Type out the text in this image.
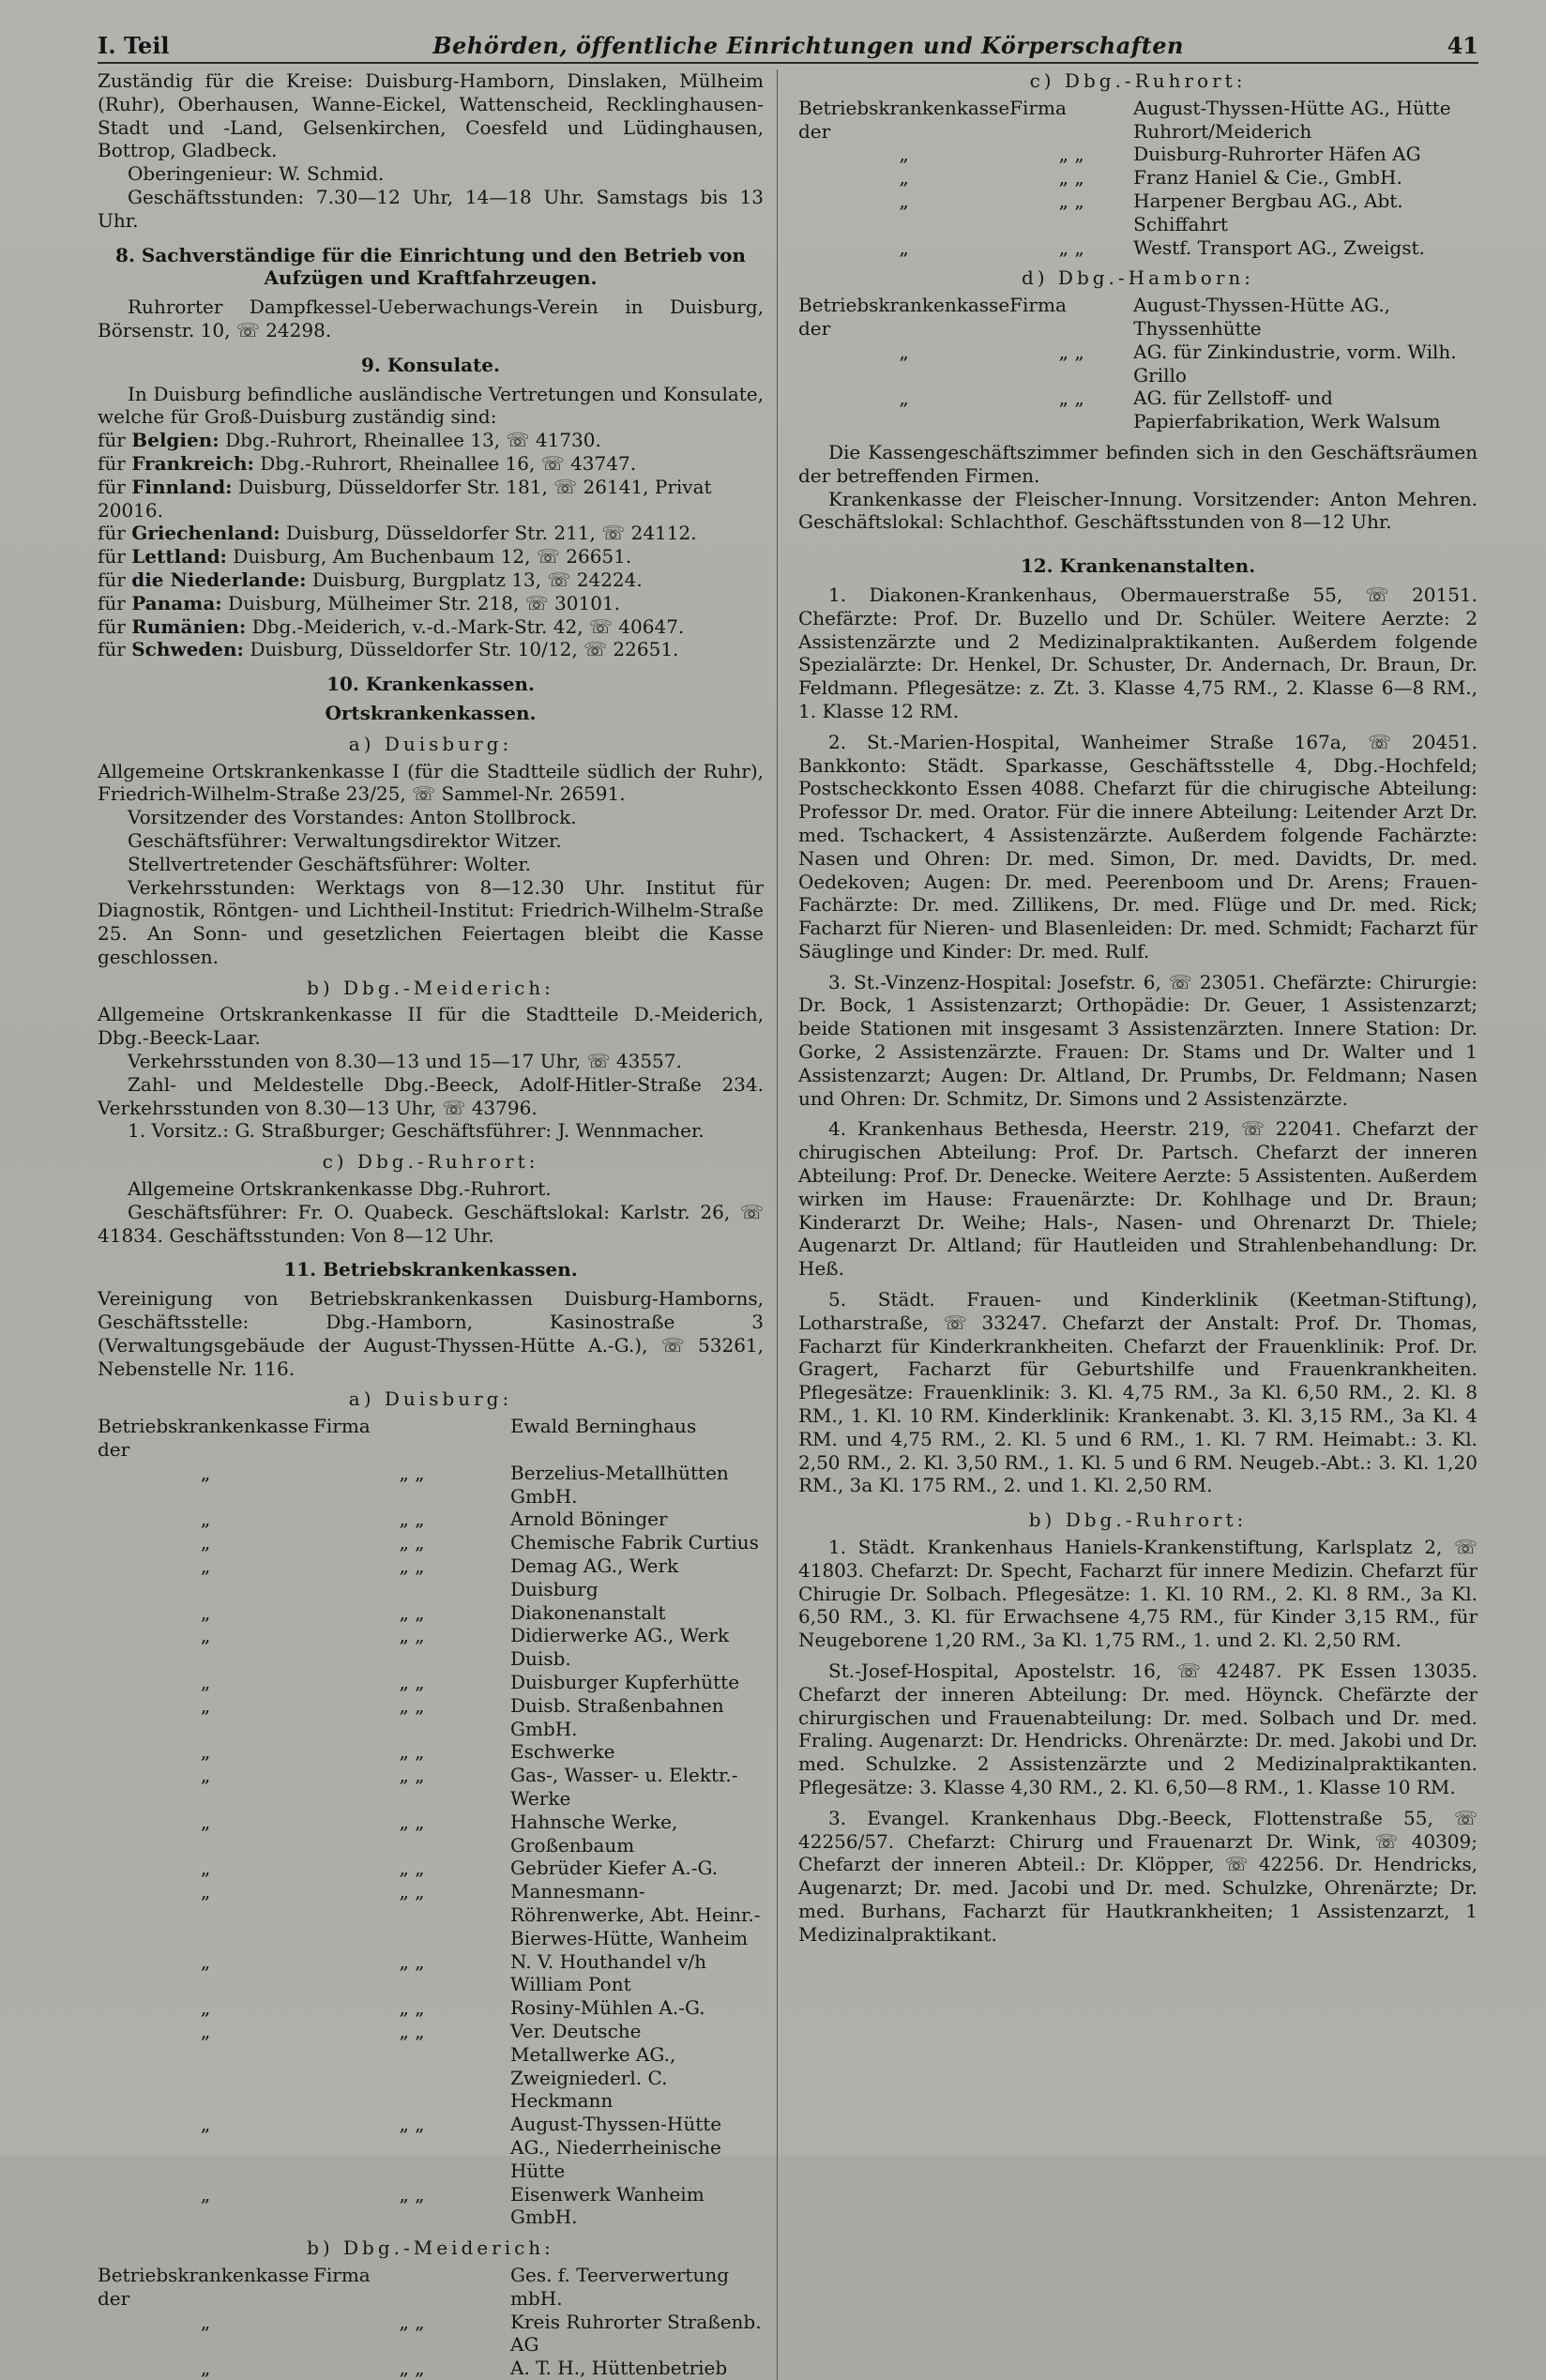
I. Teil	Behörden, öffentliche Einrichtungen und Körperschaften	41

Zuständig für die Kreise: Duisburg-Hamborn, Dinslaken, Mülheim (Ruhr), Oberhausen, Wanne-Eickel, Wattenscheid, Recklinghausen-Stadt und -Land, Gelsenkirchen, Coesfeld und Lüdinghausen, Bottrop, Gladbeck.

Oberingenieur: W. Schmid.

Geschäftsstunden: 7.30—12 Uhr, 14—18 Uhr. Samstags bis 13 Uhr.

8. Sachverständige für die Einrichtung und den Betrieb von Aufzügen und Kraftfahrzeugen.

Ruhrorter Dampfkessel-Ueberwachungs-Verein in Duisburg, Börsenstr. 10, ☏ 24298.

9. Konsulate.

In Duisburg befindliche ausländische Vertretungen und Konsulate, welche für Groß-Duisburg zuständig sind:

für Belgien: Dbg.-Ruhrort, Rheinallee 13, ☏ 41730.

für Frankreich: Dbg.-Ruhrort, Rheinallee 16, ☏ 43747.

für Finnland: Duisburg, Düsseldorfer Str. 181, ☏ 26141, Privat 20016.

für Griechenland: Duisburg, Düsseldorfer Str. 211, ☏ 24112.

für Lettland: Duisburg, Am Buchenbaum 12, ☏ 26651.

für die Niederlande: Duisburg, Burgplatz 13, ☏ 24224.

für Panama: Duisburg, Mülheimer Str. 218, ☏ 30101.

für Rumänien: Dbg.-Meiderich, v.-d.-Mark-Str. 42, ☏ 40647.

für Schweden: Duisburg, Düsseldorfer Str. 10/12, ☏ 22651.

10. Krankenkassen.
Ortskrankenkassen.
a) Duisburg:

Allgemeine Ortskrankenkasse I (für die Stadtteile südlich der Ruhr), Friedrich-Wilhelm-Straße 23/25, ☏ Sammel-Nr. 26591.

Vorsitzender des Vorstandes: Anton Stollbrock.

Geschäftsführer: Verwaltungsdirektor Witzer.

Stellvertretender Geschäftsführer: Wolter.

Verkehrsstunden: Werktags von 8—12.30 Uhr. Institut für Diagnostik, Röntgen- und Lichtheil-Institut: Friedrich-Wilhelm-Straße 25. An Sonn- und gesetzlichen Feiertagen bleibt die Kasse geschlossen.

b) Dbg.-Meiderich:

Allgemeine Ortskrankenkasse II für die Stadtteile D.-Meiderich, Dbg.-Beeck-Laar.

Verkehrsstunden von 8.30—13 und 15—17 Uhr, ☏ 43557.

Zahl- und Meldestelle Dbg.-Beeck, Adolf-Hitler-Straße 234. Verkehrsstunden von 8.30—13 Uhr, ☏ 43796.

1. Vorsitz.: G. Straßburger; Geschäftsführer: J. Wennmacher.

c) Dbg.-Ruhrort:

Allgemeine Ortskrankenkasse Dbg.-Ruhrort.

Geschäftsführer: Fr. O. Quabeck. Geschäftslokal: Karlstr. 26, ☏ 41834. Geschäftsstunden: Von 8—12 Uhr.

11. Betriebskrankenkassen.

Vereinigung von Betriebskrankenkassen Duisburg-Hamborns, Geschäftsstelle: Dbg.-Hamborn, Kasinostraße 3 (Verwaltungsgebäude der August-Thyssen-Hütte A.-G.), ☏ 53261, Nebenstelle Nr. 116.

a) Duisburg:
Betriebskrankenkasse der	Firma	Ewald Berninghaus
„	„ „	Berzelius-Metallhütten GmbH.
„	„ „	Arnold Böninger
„	„ „	Chemische Fabrik Curtius
„	„ „	Demag AG., Werk Duisburg
„	„ „	Diakonenanstalt
„	„ „	Didierwerke AG., Werk Duisb.
„	„ „	Duisburger Kupferhütte
„	„ „	Duisb. Straßenbahnen GmbH.
„	„ „	Eschwerke
„	„ „	Gas-, Wasser- u. Elektr.-Werke
„	„ „	Hahnsche Werke, Großenbaum
„	„ „	Gebrüder Kiefer A.-G.
„	„ „	Mannesmann-Röhrenwerke, Abt. Heinr.-Bierwes-Hütte, Wanheim
„	„ „	N. V. Houthandel v/h William Pont
„	„ „	Rosiny-Mühlen A.-G.
„	„ „	Ver. Deutsche Metallwerke AG., Zweigniederl. C. Heckmann
„	„ „	August-Thyssen-Hütte AG., Niederrheinische Hütte
„	„ „	Eisenwerk Wanheim GmbH.
b) Dbg.-Meiderich:
Betriebskrankenkasse der	Firma	Ges. f. Teerverwertung mbH.
„	„ „	Kreis Ruhrorter Straßenb. AG
„	„ „	A. T. H., Hüttenbetrieb
c) Dbg.-Ruhrort:
Betriebskrankenkasse der	Firma	August-Thyssen-Hütte AG., Hütte Ruhrort/Meiderich
„	„ „	Duisburg-Ruhrorter Häfen AG
„	„ „	Franz Haniel & Cie., GmbH.
„	„ „	Harpener Bergbau AG., Abt. Schiffahrt
„	„ „	Westf. Transport AG., Zweigst.
d) Dbg.-Hamborn:
Betriebskrankenkasse der	Firma	August-Thyssen-Hütte AG., Thyssenhütte
„	„ „	AG. für Zinkindustrie, vorm. Wilh. Grillo
„	„ „	AG. für Zellstoff- und Papierfabrikation, Werk Walsum

Die Kassengeschäftszimmer befinden sich in den Geschäftsräumen der betreffenden Firmen.

Krankenkasse der Fleischer-Innung. Vorsitzender: Anton Mehren. Geschäftslokal: Schlachthof. Geschäftsstunden von 8—12 Uhr.

12. Krankenanstalten.

1. Diakonen-Krankenhaus, Obermauerstraße 55, ☏ 20151. Chefärzte: Prof. Dr. Buzello und Dr. Schüler. Weitere Aerzte: 2 Assistenzärzte und 2 Medizinalpraktikanten. Außerdem folgende Spezialärzte: Dr. Henkel, Dr. Schuster, Dr. Andernach, Dr. Braun, Dr. Feldmann. Pflegesätze: z. Zt. 3. Klasse 4,75 RM., 2. Klasse 6—8 RM., 1. Klasse 12 RM.

2. St.-Marien-Hospital, Wanheimer Straße 167a, ☏ 20451. Bankkonto: Städt. Sparkasse, Geschäftsstelle 4, Dbg.-Hochfeld; Postscheckkonto Essen 4088. Chefarzt für die chirugische Abteilung: Professor Dr. med. Orator. Für die innere Abteilung: Leitender Arzt Dr. med. Tschackert, 4 Assistenzärzte. Außerdem folgende Fachärzte: Nasen und Ohren: Dr. med. Simon, Dr. med. Davidts, Dr. med. Oedekoven; Augen: Dr. med. Peerenboom und Dr. Arens; Frauen-Fachärzte: Dr. med. Zillikens, Dr. med. Flüge und Dr. med. Rick; Facharzt für Nieren- und Blasenleiden: Dr. med. Schmidt; Facharzt für Säuglinge und Kinder: Dr. med. Rulf.

3. St.-Vinzenz-Hospital: Josefstr. 6, ☏ 23051. Chefärzte: Chirurgie: Dr. Bock, 1 Assistenzarzt; Orthopädie: Dr. Geuer, 1 Assistenzarzt; beide Stationen mit insgesamt 3 Assistenzärzten. Innere Station: Dr. Gorke, 2 Assistenzärzte. Frauen: Dr. Stams und Dr. Walter und 1 Assistenzarzt; Augen: Dr. Altland, Dr. Prumbs, Dr. Feldmann; Nasen und Ohren: Dr. Schmitz, Dr. Simons und 2 Assistenzärzte.

4. Krankenhaus Bethesda, Heerstr. 219, ☏ 22041. Chefarzt der chirugischen Abteilung: Prof. Dr. Partsch. Chefarzt der inneren Abteilung: Prof. Dr. Denecke. Weitere Aerzte: 5 Assistenten. Außerdem wirken im Hause: Frauenärzte: Dr. Kohlhage und Dr. Braun; Kinderarzt Dr. Weihe; Hals-, Nasen- und Ohrenarzt Dr. Thiele; Augenarzt Dr. Altland; für Hautleiden und Strahlenbehandlung: Dr. Heß.

5. Städt. Frauen- und Kinderklinik (Keetman-Stiftung), Lotharstraße, ☏ 33247. Chefarzt der Anstalt: Prof. Dr. Thomas, Facharzt für Kinderkrankheiten. Chefarzt der Frauenklinik: Prof. Dr. Gragert, Facharzt für Geburtshilfe und Frauenkrankheiten. Pflegesätze: Frauenklinik: 3. Kl. 4,75 RM., 3a Kl. 6,50 RM., 2. Kl. 8 RM., 1. Kl. 10 RM. Kinderklinik: Krankenabt. 3. Kl. 3,15 RM., 3a Kl. 4 RM. und 4,75 RM., 2. Kl. 5 und 6 RM., 1. Kl. 7 RM. Heimabt.: 3. Kl. 2,50 RM., 2. Kl. 3,50 RM., 1. Kl. 5 und 6 RM. Neugeb.-Abt.: 3. Kl. 1,20 RM., 3a Kl. 175 RM., 2. und 1. Kl. 2,50 RM.

b) Dbg.-Ruhrort:

1. Städt. Krankenhaus Haniels-Krankenstiftung, Karlsplatz 2, ☏ 41803. Chefarzt: Dr. Specht, Facharzt für innere Medizin. Chefarzt für Chirugie Dr. Solbach. Pflegesätze: 1. Kl. 10 RM., 2. Kl. 8 RM., 3a Kl. 6,50 RM., 3. Kl. für Erwachsene 4,75 RM., für Kinder 3,15 RM., für Neugeborene 1,20 RM., 3a Kl. 1,75 RM., 1. und 2. Kl. 2,50 RM.

St.-Josef-Hospital, Apostelstr. 16, ☏ 42487. PK Essen 13035. Chefarzt der inneren Abteilung: Dr. med. Höynck. Chefärzte der chirurgischen und Frauenabteilung: Dr. med. Solbach und Dr. med. Fraling. Augenarzt: Dr. Hendricks. Ohrenärzte: Dr. med. Jakobi und Dr. med. Schulzke. 2 Assistenzärzte und 2 Medizinalpraktikanten. Pflegesätze: 3. Klasse 4,30 RM., 2. Kl. 6,50—8 RM., 1. Klasse 10 RM.

3. Evangel. Krankenhaus Dbg.-Beeck, Flottenstraße 55, ☏ 42256/57. Chefarzt: Chirurg und Frauenarzt Dr. Wink, ☏ 40309; Chefarzt der inneren Abteil.: Dr. Klöpper, ☏ 42256. Dr. Hendricks, Augenarzt; Dr. med. Jacobi und Dr. med. Schulzke, Ohrenärzte; Dr. med. Burhans, Facharzt für Hautkrankheiten; 1 Assistenzarzt, 1 Medizinalpraktikant.
